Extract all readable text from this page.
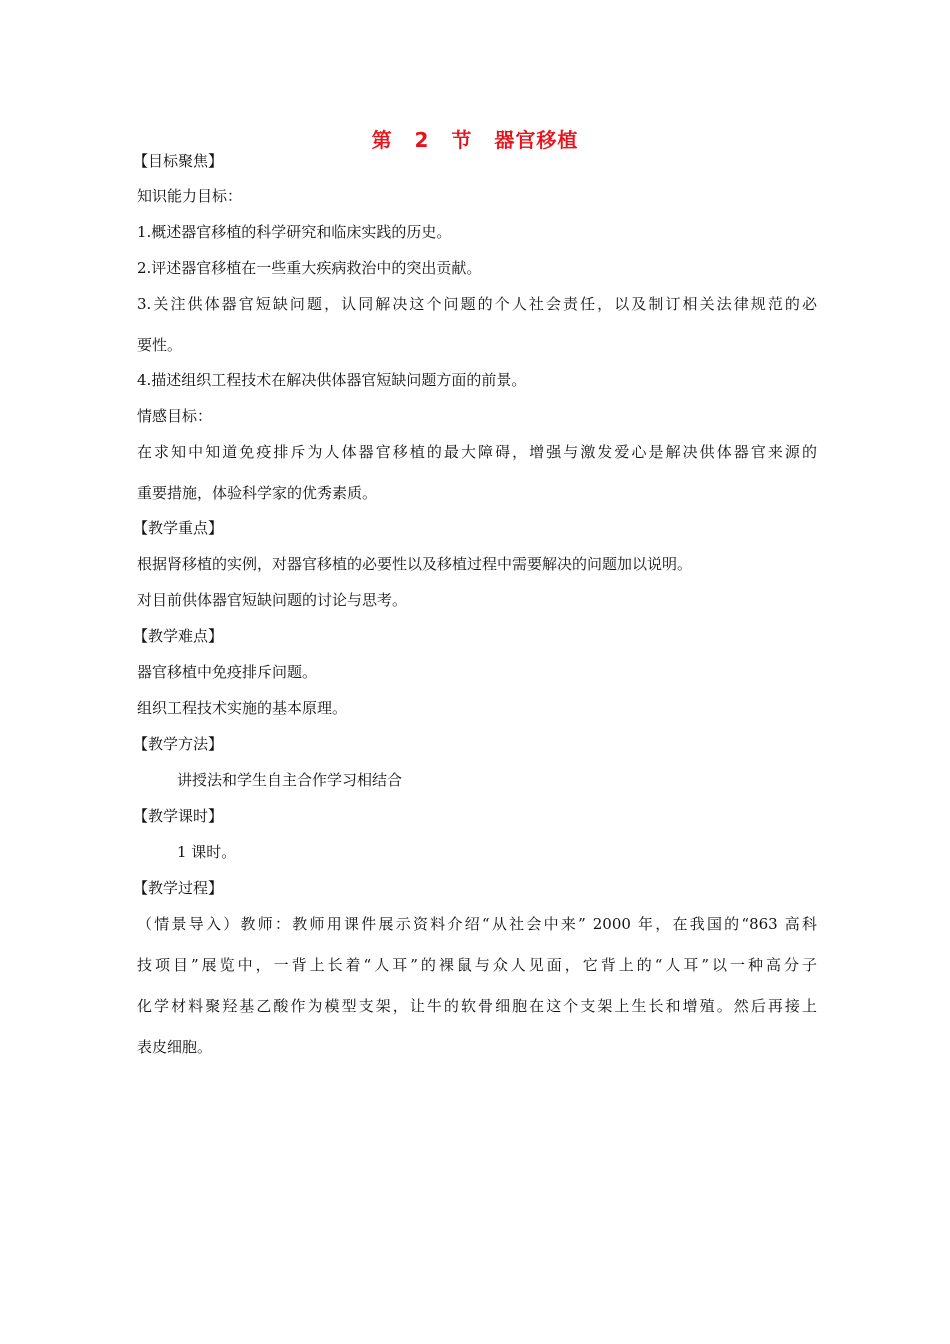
第 2 节 器官移植
【目标聚焦】
知识能力目标：
1.概述器官移植的科学研究和临床实践的历史。
2.评述器官移植在一些重大疾病救治中的突出贡献。
3.关注供体器官短缺问题，认同解决这个问题的个人社会责任，以及制订相关法律规范的必
要性。
4.描述组织工程技术在解决供体器官短缺问题方面的前景。
情感目标：
在求知中知道免疫排斥为人体器官移植的最大障碍，增强与激发爱心是解决供体器官来源的
重要措施，体验科学家的优秀素质。
【教学重点】
根据肾移植的实例，对器官移植的必要性以及移植过程中需要解决的问题加以说明。
对目前供体器官短缺问题的讨论与思考。
【教学难点】
器官移植中免疫排斥问题。
组织工程技术实施的基本原理。
【教学方法】
讲授法和学生自主合作学习相结合
【教学课时】
1 课时。
【教学过程】
（情景导入）教师：教师用课件展示资料介绍“从社会中来” 2000 年，在我国的“863 高科
技项目”展览中，一背上长着“人耳”的裸鼠与众人见面，它背上的“人耳”以一种高分子
化学材料聚羟基乙酸作为模型支架，让牛的软骨细胞在这个支架上生长和增殖。然后再接上
表皮细胞。
